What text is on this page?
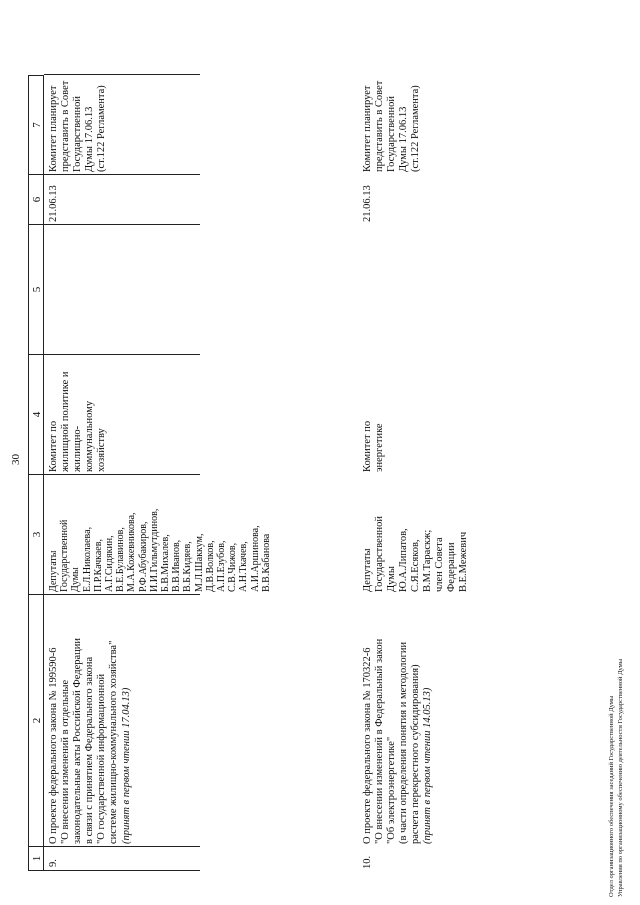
30
1
2
3
4
5
6
7
9.
О проекте федерального закона № 199590-6
"О внесении изменений в отдельные
законодательные акты Российской Федерации
в связи с принятием Федерального закона
"О государственной информационной
системе жилищно-коммунального хозяйства"
(принят в первом чтении 17.04.13)
Депутаты
Государственной
Думы
Е.Л.Николаева,
П.Р.Качкаев,
А.Г.Сидякин,
В.Е.Булавинов,
М.А.Кожевникова,
Р.Ф.Абубакиров,
И.И.Гильмутдинов,
Б.В.Михалев,
В.В.Иванов,
В.Б.Кидяев,
М.Л.Шаккум,
Д.В.Волков,
А.П.Езубов,
С.В.Чижов,
А.Н.Ткачев,
А.И.Аршинова,
В.В.Кабанова
Комитет по
жилищной политике и
жилищно-
коммунальному
хозяйству
21.06.13
Комитет планирует
представить в Совет
Государственной
Думы 17.06.13
(ст.122 Регламента)
10.
О проекте федерального закона № 170322-6
"О внесении изменений в Федеральный закон
"Об электроэнергетике"
(в части определения понятия и методологии
расчета перекрестного субсидирования) (принят в первом чтении 14.05.13)
Депутаты
Государственной
Думы
Ю.А.Липатов,
С.Я.Есяков,
В.М.Тараскж;
член Совета
Федерации
В.Е.Межевич
Комитет по
энергетике
21.06.13
Комитет планирует
представить в Совет
Государственной
Думы 17.06.13
(ст.122 Регламента)
Отдел организационного обеспечения заседаний Государственной Думы Управления по организационному обеспечению деятельности Государственной Думы
